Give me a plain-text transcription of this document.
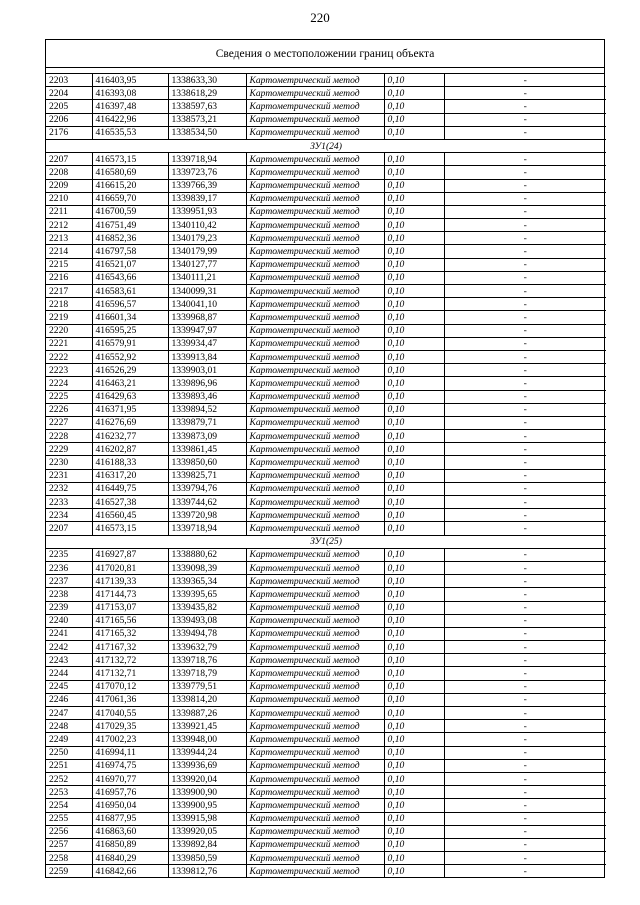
220
Сведения о местоположении границ объекта
2203	416403,95	1338633,30	Картометрический метод	0,10	-
2204	416393,08	1338618,29	Картометрический метод	0,10	-
2205	416397,48	1338597,63	Картометрический метод	0,10	-
2206	416422,96	1338573,21	Картометрический метод	0,10	-
2176	416535,53	1338534,50	Картометрический метод	0,10	-
ЗУ1(24)					
2207	416573,15	1339718,94	Картометрический метод	0,10	-
2208	416580,69	1339723,76	Картометрический метод	0,10	-
2209	416615,20	1339766,39	Картометрический метод	0,10	-
2210	416659,70	1339839,17	Картометрический метод	0,10	-
2211	416700,59	1339951,93	Картометрический метод	0,10	-
2212	416751,49	1340110,42	Картометрический метод	0,10	-
2213	416852,36	1340179,23	Картометрический метод	0,10	-
2214	416797,58	1340179,99	Картометрический метод	0,10	-
2215	416521,07	1340127,77	Картометрический метод	0,10	-
2216	416543,66	1340111,21	Картометрический метод	0,10	-
2217	416583,61	1340099,31	Картометрический метод	0,10	-
2218	416596,57	1340041,10	Картометрический метод	0,10	-
2219	416601,34	1339968,87	Картометрический метод	0,10	-
2220	416595,25	1339947,97	Картометрический метод	0,10	-
2221	416579,91	1339934,47	Картометрический метод	0,10	-
2222	416552,92	1339913,84	Картометрический метод	0,10	-
2223	416526,29	1339903,01	Картометрический метод	0,10	-
2224	416463,21	1339896,96	Картометрический метод	0,10	-
2225	416429,63	1339893,46	Картометрический метод	0,10	-
2226	416371,95	1339894,52	Картометрический метод	0,10	-
2227	416276,69	1339879,71	Картометрический метод	0,10	-
2228	416232,77	1339873,09	Картометрический метод	0,10	-
2229	416202,87	1339861,45	Картометрический метод	0,10	-
2230	416188,33	1339850,60	Картометрический метод	0,10	-
2231	416317,20	1339825,71	Картометрический метод	0,10	-
2232	416449,75	1339794,76	Картометрический метод	0,10	-
2233	416527,38	1339744,62	Картометрический метод	0,10	-
2234	416560,45	1339720,98	Картометрический метод	0,10	-
2207	416573,15	1339718,94	Картометрический метод	0,10	-
ЗУ1(25)					
2235	416927,87	1338880,62	Картометрический метод	0,10	-
2236	417020,81	1339098,39	Картометрический метод	0,10	-
2237	417139,33	1339365,34	Картометрический метод	0,10	-
2238	417144,73	1339395,65	Картометрический метод	0,10	-
2239	417153,07	1339435,82	Картометрический метод	0,10	-
2240	417165,56	1339493,08	Картометрический метод	0,10	-
2241	417165,32	1339494,78	Картометрический метод	0,10	-
2242	417167,32	1339632,79	Картометрический метод	0,10	-
2243	417132,72	1339718,76	Картометрический метод	0,10	-
2244	417132,71	1339718,79	Картометрический метод	0,10	-
2245	417070,12	1339779,51	Картометрический метод	0,10	-
2246	417061,36	1339814,20	Картометрический метод	0,10	-
2247	417040,55	1339887,26	Картометрический метод	0,10	-
2248	417029,35	1339921,45	Картометрический метод	0,10	-
2249	417002,23	1339948,00	Картометрический метод	0,10	-
2250	416994,11	1339944,24	Картометрический метод	0,10	-
2251	416974,75	1339936,69	Картометрический метод	0,10	-
2252	416970,77	1339920,04	Картометрический метод	0,10	-
2253	416957,76	1339900,90	Картометрический метод	0,10	-
2254	416950,04	1339900,95	Картометрический метод	0,10	-
2255	416877,95	1339915,98	Картометрический метод	0,10	-
2256	416863,60	1339920,05	Картометрический метод	0,10	-
2257	416850,89	1339892,84	Картометрический метод	0,10	-
2258	416840,29	1339850,59	Картометрический метод	0,10	-
2259	416842,66	1339812,76	Картометрический метод	0,10	-
